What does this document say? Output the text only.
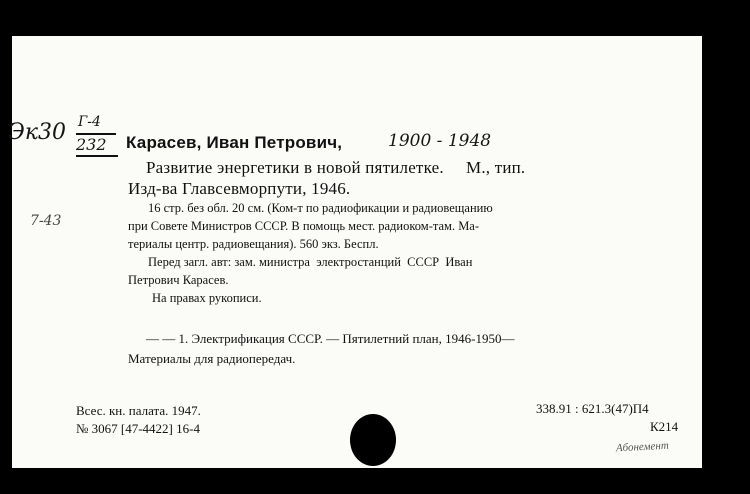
Эк30 Г-4
232
7-43
Карасев, Иван Петрович,	1900 - 1948
Развитие энергетики в новой пятилетке.     М., тип.
Изд-ва Главсевморпути, 1946.
16 стр. без обл. 20 см. (Ком-т по радиофикации и радиовещанию
при Совете Министров СССР. В помощь мест. радиоком-там. Ма-
териалы центр. радиовещания). 560 экз. Беспл.
Перед загл. авт: зам. министра  электростанций  СССР  Иван
Петрович Карасев.
На правах рукописи.
— — 1. Электрификация СССР. — Пятилетний план, 1946-1950—
Материалы для радиопередач.
Всес. кн. палата. 1947.
№ 3067 [47-4422] 16-4
338.91 : 621.3(47)П4
К214
Абонемент
